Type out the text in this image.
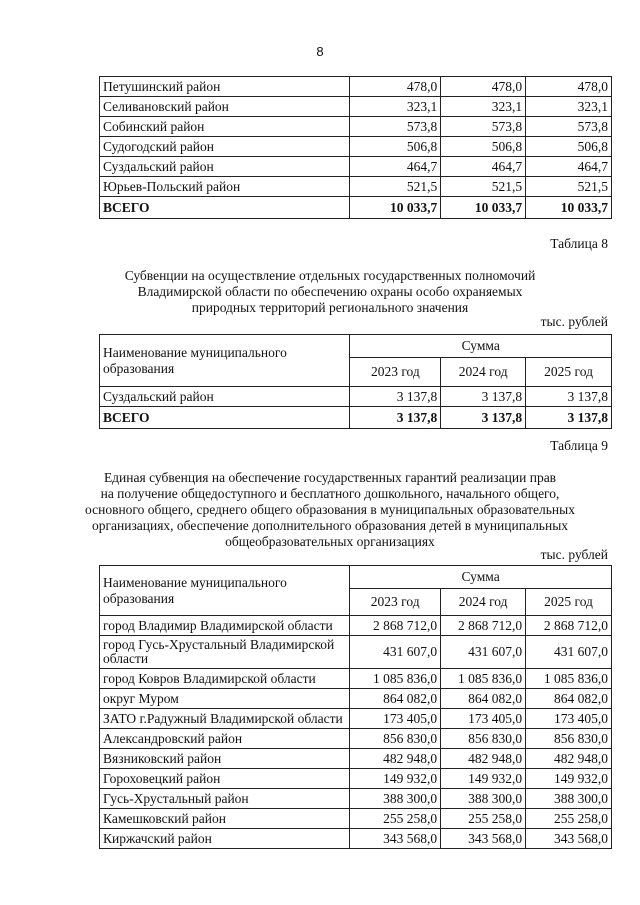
8
Петушинский район	478,0	478,0	478,0
Селивановский район	323,1	323,1	323,1
Собинский район	573,8	573,8	573,8
Судогодский район	506,8	506,8	506,8
Суздальский район	464,7	464,7	464,7
Юрьев-Польский район	521,5	521,5	521,5
ВСЕГО	10 033,7	10 033,7	10 033,7
Таблица 8
Субвенции на осуществление отдельных государственных полномочий
Владимирской области по обеспечению охраны особо охраняемых
природных территорий регионального значения
тыс. рублей
Наименование муниципального образования	Сумма		
	2023 год	2024 год	2025 год
Суздальский район	3 137,8	3 137,8	3 137,8
ВСЕГО	3 137,8	3 137,8	3 137,8
Таблица 9
Единая субвенция на обеспечение государственных гарантий реализации прав
на получение общедоступного и бесплатного дошкольного, начального общего,
основного общего, среднего общего образования в муниципальных образовательных
организациях, обеспечение дополнительного образования детей в муниципальных
общеобразовательных организациях
тыс. рублей
Наименование муниципального образования	Сумма		
	2023 год	2024 год	2025 год
город Владимир Владимирской области	2 868 712,0	2 868 712,0	2 868 712,0
город Гусь-Хрустальный Владимирской области	431 607,0	431 607,0	431 607,0
город Ковров Владимирской области	1 085 836,0	1 085 836,0	1 085 836,0
округ Муром	864 082,0	864 082,0	864 082,0
ЗАТО г.Радужный Владимирской области	173 405,0	173 405,0	173 405,0
Александровский район	856 830,0	856 830,0	856 830,0
Вязниковский район	482 948,0	482 948,0	482 948,0
Гороховецкий район	149 932,0	149 932,0	149 932,0
Гусь-Хрустальный район	388 300,0	388 300,0	388 300,0
Камешковский район	255 258,0	255 258,0	255 258,0
Киржачский район	343 568,0	343 568,0	343 568,0
